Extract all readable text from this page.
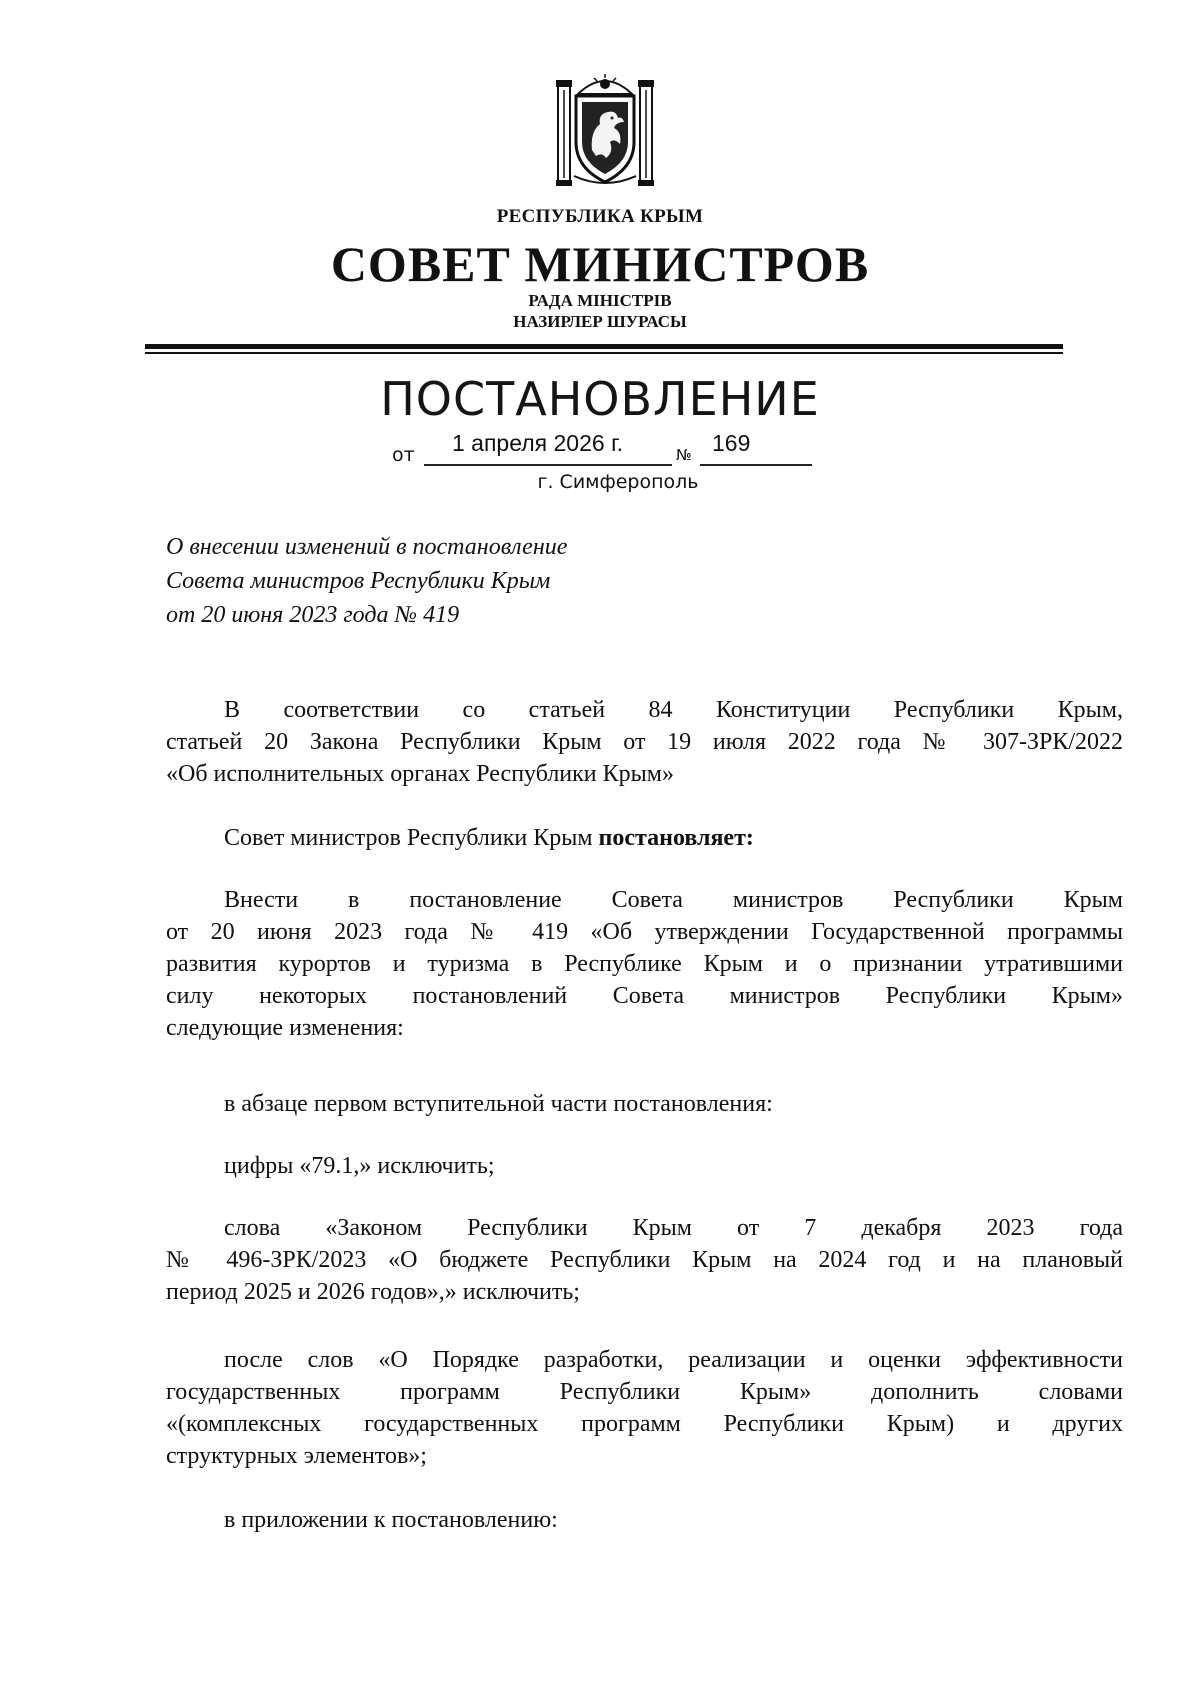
РЕСПУБЛИКА КРЫМ
СОВЕТ МИНИСТРОВ
РАДА МІНІСТРІВ
НАЗИРЛЕР ШУРАСЫ
ПОСТАНОВЛЕНИЕ
от 1 апреля 2026 г.	№ 169
г. Симферополь
О внесении изменений в постановление
Совета министров Республики Крым
от 20 июня 2023 года № 419
В соответствии со статьей 84 Конституции Республики Крым,
статьей 20 Закона Республики Крым от 19 июля 2022 года № 307-ЗРК/2022
«Об исполнительных органах Республики Крым»
Совет министров Республики Крым постановляет:
Внести в постановление Совета министров Республики Крым
от 20 июня 2023 года № 419 «Об утверждении Государственной программы
развития курортов и туризма в Республике Крым и о признании утратившими
силу некоторых постановлений Совета министров Республики Крым»
следующие изменения:
в абзаце первом вступительной части постановления:
цифры «79.1,» исключить;
слова «Законом Республики Крым от 7 декабря 2023 года
№ 496-ЗРК/2023 «О бюджете Республики Крым на 2024 год и на плановый
период 2025 и 2026 годов»,» исключить;
после слов «О Порядке разработки, реализации и оценки эффективности
государственных программ Республики Крым» дополнить словами
«(комплексных государственных программ Республики Крым) и других
структурных элементов»;
в приложении к постановлению:
